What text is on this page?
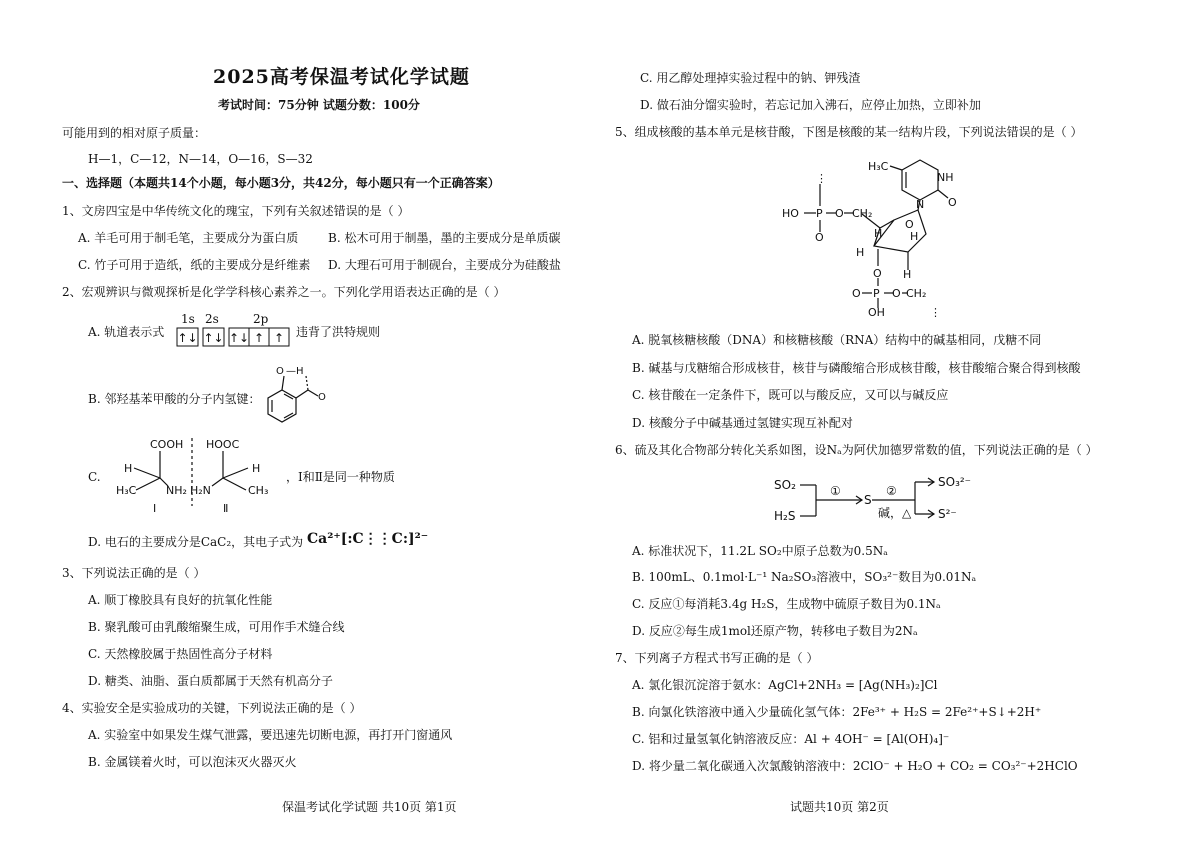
2025高考保温考试化学试题
考试时间：75分钟 试题分数：100分
可能用到的相对原子质量：
H—1，C—12，N—14，O—16，S—32
一、选择题（本题共14个小题，每小题3分，共42分，每小题只有一个正确答案）
1、文房四宝是中华传统文化的瑰宝，下列有关叙述错误的是（ ）
A. 羊毛可用于制毛笔，主要成分为蛋白质 B. 松木可用于制墨，墨的主要成分是单质碳
C. 竹子可用于造纸，纸的主要成分是纤维素 D. 大理石可用于制砚台，主要成分为硅酸盐
2、宏观辨识与微观探析是化学学科核心素养之一。下列化学用语表达正确的是（ ）
A. 轨道表示式
1s 2s	2p
↑↓ ↑↓ ↑↓ ↑ ↑ 违背了洪特规则
B. 邻羟基苯甲酸的分子内氢键：
O —H
O
C.
COOH HOOC
H
H₃C	NH₂ H₂N
H
CH₃
Ⅰ	Ⅱ
，Ⅰ和Ⅱ是同一种物质
D. 电石的主要成分是CaC₂，其电子式为 Ca²⁺[:C⋮⋮C:]²⁻
3、下列说法正确的是（ ）
A. 顺丁橡胶具有良好的抗氧化性能
B. 聚乳酸可由乳酸缩聚生成，可用作手术缝合线
C. 天然橡胶属于热固性高分子材料
D. 糖类、油脂、蛋白质都属于天然有机高分子
4、实验安全是实验成功的关键，下列说法正确的是（ ）
A. 实验室中如果发生煤气泄露，要迅速先切断电源，再打开门窗通风
B. 金属镁着火时，可以泡沫灭火器灭火
保温考试化学试题 共10页 第1页
C. 用乙醇处理掉实验过程中的钠、钾残渣
D. 做石油分馏实验时，若忘记加入沸石，应停止加热，立即补加
5、组成核酸的基本单元是核苷酸，下图是核酸的某一结构片段，下列说法错误的是（ ）
H₃C
NH
N O
⋮
HO P
O
O CH₂
O
H	H
H
H
O
O P O CH₂
OH	⋮
A. 脱氧核糖核酸（DNA）和核糖核酸（RNA）结构中的碱基相同，戊糖不同
B. 碱基与戊糖缩合形成核苷，核苷与磷酸缩合形成核苷酸，核苷酸缩合聚合得到核酸
C. 核苷酸在一定条件下，既可以与酸反应，又可以与碱反应
D. 核酸分子中碱基通过氢键实现互补配对
6、硫及其化合物部分转化关系如图，设Nₐ为阿伏加德罗常数的值，下列说法正确的是（ ）
SO₂
H₂S
①
S
②
碱，△
SO₃²⁻
S²⁻
A. 标准状况下，11.2L SO₂中原子总数为0.5Nₐ
B. 100mL、0.1mol·L⁻¹ Na₂SO₃溶液中，SO₃²⁻数目为0.01Nₐ
C. 反应①每消耗3.4g H₂S，生成物中硫原子数目为0.1Nₐ
D. 反应②每生成1mol还原产物，转移电子数目为2Nₐ
7、下列离子方程式书写正确的是（ ）
A. 氯化银沉淀溶于氨水：AgCl+2NH₃ = [Ag(NH₃)₂]Cl
B. 向氯化铁溶液中通入少量硫化氢气体：2Fe³⁺ + H₂S = 2Fe²⁺+S↓+2H⁺
C. 铝和过量氢氧化钠溶液反应：Al + 4OH⁻ = [Al(OH)₄]⁻
D. 将少量二氧化碳通入次氯酸钠溶液中：2ClO⁻ + H₂O + CO₂ = CO₃²⁻+2HClO
试题共10页 第2页
